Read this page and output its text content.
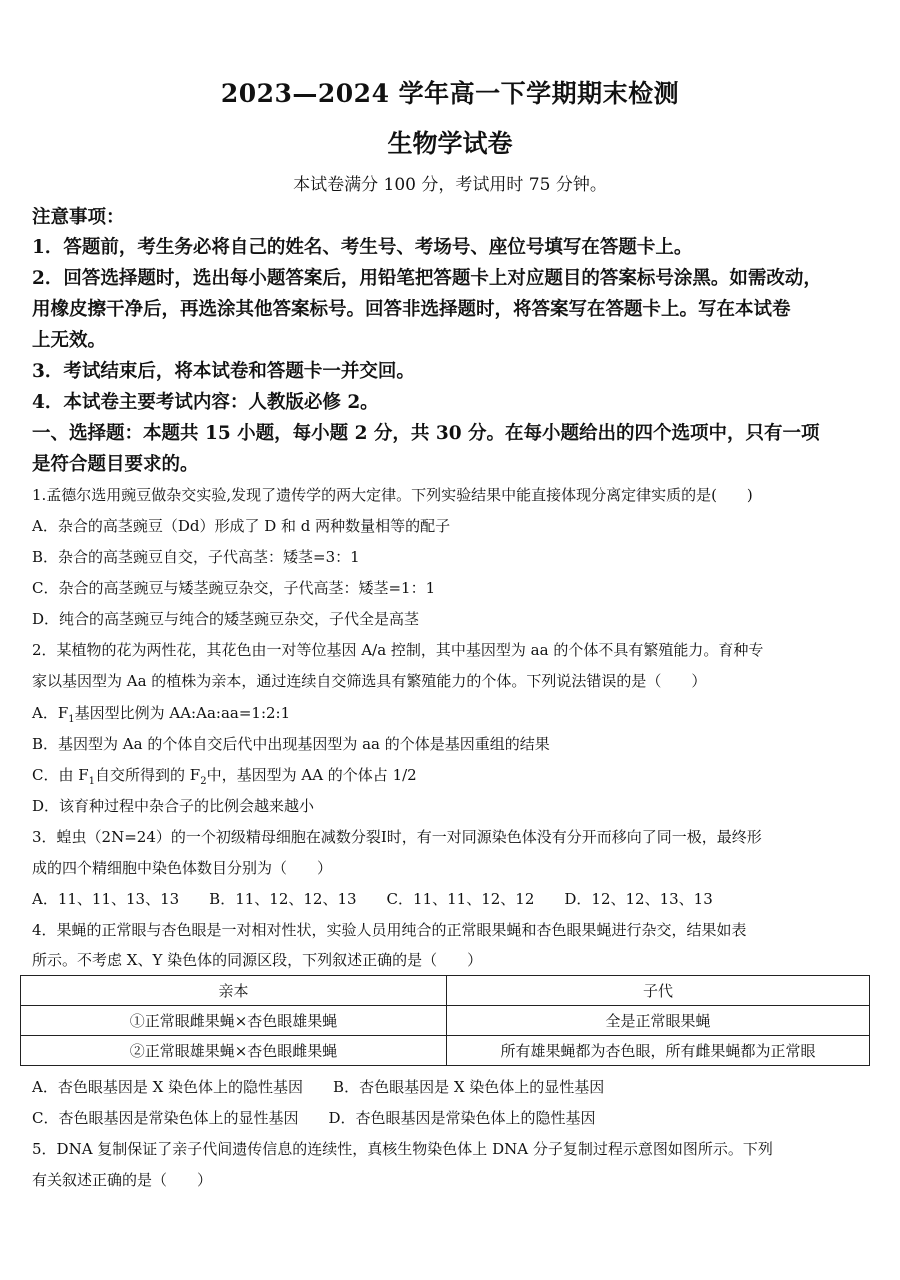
2023—2024 学年高一下学期期末检测
生物学试卷
本试卷满分 100 分，考试用时 75 分钟。
注意事项：
1．答题前，考生务必将自己的姓名、考生号、考场号、座位号填写在答题卡上。
2．回答选择题时，选出每小题答案后，用铅笔把答题卡上对应题目的答案标号涂黑。如需改动，
用橡皮擦干净后，再选涂其他答案标号。回答非选择题时，将答案写在答题卡上。写在本试卷
上无效。
3．考试结束后，将本试卷和答题卡一并交回。
4．本试卷主要考试内容：人教版必修 2。
一、选择题：本题共 15 小题，每小题 2 分，共 30 分。在每小题给出的四个选项中，只有一项
是符合题目要求的。
1.孟德尔选用豌豆做杂交实验,发现了遗传学的两大定律。下列实验结果中能直接体现分离定律实质的是(　　)
A．杂合的高茎豌豆（Dd）形成了 D 和 d 两种数量相等的配子
B．杂合的高茎豌豆自交，子代高茎：矮茎=3：1
C．杂合的高茎豌豆与矮茎豌豆杂交，子代高茎：矮茎=1：1
D．纯合的高茎豌豆与纯合的矮茎豌豆杂交，子代全是高茎
2．某植物的花为两性花，其花色由一对等位基因 A/a 控制，其中基因型为 aa 的个体不具有繁殖能力。育种专
家以基因型为 Aa 的植株为亲本，通过连续自交筛选具有繁殖能力的个体。下列说法错误的是（　　）
A．$F_1$基因型比例为 AA:Aa:aa=1:2:1
B．基因型为 Aa 的个体自交后代中出现基因型为 aa 的个体是基因重组的结果
C．由 $F_1$自交所得到的 $F_2$中，基因型为 AA 的个体占 1/2
D．该育种过程中杂合子的比例会越来越小
3．蝗虫（2N=24）的一个初级精母细胞在减数分裂Ⅰ时，有一对同源染色体没有分开而移向了同一极，最终形
成的四个精细胞中染色体数目分别为（　　）
A．11、11、13、13　　B．11、12、12、13　　C．11、11、12、12　　D．12、12、13、13
4．果蝇的正常眼与杏色眼是一对相对性状，实验人员用纯合的正常眼果蝇和杏色眼果蝇进行杂交，结果如表
所示。不考虑 X、Y 染色体的同源区段，下列叙述正确的是（　　）
亲本	子代
①正常眼雌果蝇×杏色眼雄果蝇	全是正常眼果蝇
②正常眼雄果蝇×杏色眼雌果蝇	所有雄果蝇都为杏色眼，所有雌果蝇都为正常眼
A．杏色眼基因是 X 染色体上的隐性基因　　B．杏色眼基因是 X 染色体上的显性基因
C．杏色眼基因是常染色体上的显性基因　　D．杏色眼基因是常染色体上的隐性基因
5．DNA 复制保证了亲子代间遗传信息的连续性，真核生物染色体上 DNA 分子复制过程示意图如图所示。下列
有关叙述正确的是（　　）
